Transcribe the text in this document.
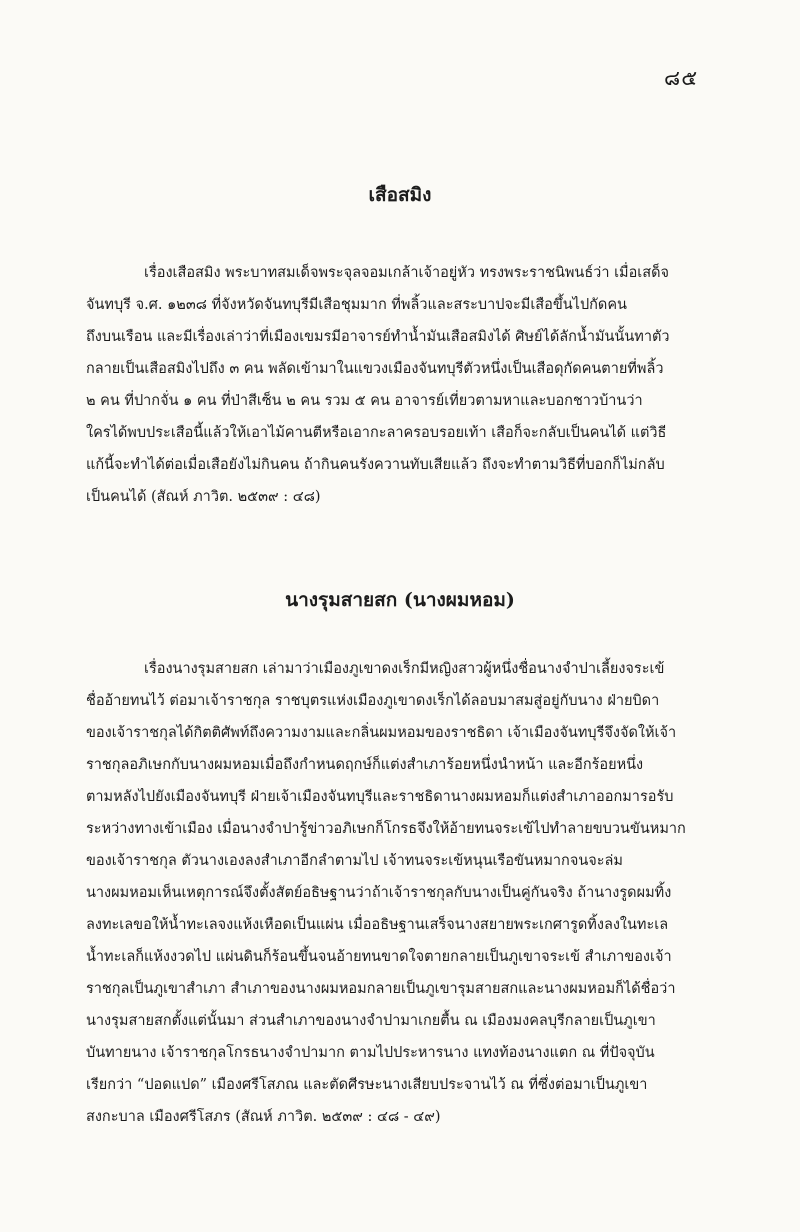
๘๕
เสือสมิง
เรื่องเสือสมิง พระบาทสมเด็จพระจุลจอมเกล้าเจ้าอยู่หัว ทรงพระราชนิพนธ์ว่า เมื่อเสด็จ
จันทบุรี จ.ศ. ๑๒๓๘ ที่จังหวัดจันทบุรีมีเสือชุมมาก ที่พลิ้วและสระบาปจะมีเสือขึ้นไปกัดคน
ถึงบนเรือน และมีเรื่องเล่าว่าที่เมืองเขมรมีอาจารย์ทำน้ำมันเสือสมิงได้ ศิษย์ได้ลักน้ำมันนั้นทาตัว
กลายเป็นเสือสมิงไปถึง ๓ คน พลัดเข้ามาในแขวงเมืองจันทบุรีตัวหนึ่งเป็นเสือดุกัดคนตายที่พลิ้ว
๒ คน ที่ปากจั่น ๑ คน ที่ป่าสีเซ็น ๒ คน รวม ๕ คน อาจารย์เที่ยวตามหาและบอกชาวบ้านว่า
ใครได้พบประเสือนี้แล้วให้เอาไม้คานตีหรือเอากะลาครอบรอยเท้า เสือก็จะกลับเป็นคนได้ แต่วิธี
แก้นี้จะทำได้ต่อเมื่อเสือยังไม่กินคน ถ้ากินคนรังควานทับเสียแล้ว ถึงจะทำตามวิธีที่บอกก็ไม่กลับ
เป็นคนได้ (สัณห์ ภาวิต. ๒๕๓๙ : ๔๘)
นางรุมสายสก (นางผมหอม)
เรื่องนางรุมสายสก เล่ามาว่าเมืองภูเขาดงเร็กมีหญิงสาวผู้หนึ่งชื่อนางจำปาเลี้ยงจระเข้
ชื่ออ้ายทนไว้ ต่อมาเจ้าราชกุล ราชบุตรแห่งเมืองภูเขาดงเร็กได้ลอบมาสมสู่อยู่กับนาง ฝ่ายบิดา
ของเจ้าราชกุลได้กิตติศัพท์ถึงความงามและกลิ่นผมหอมของราชธิดา เจ้าเมืองจันทบุรีจึงจัดให้เจ้า
ราชกุลอภิเษกกับนางผมหอมเมื่อถึงกำหนดฤกษ์ก็แต่งสำเภาร้อยหนึ่งนำหน้า และอีกร้อยหนึ่ง
ตามหลังไปยังเมืองจันทบุรี ฝ่ายเจ้าเมืองจันทบุรีและราชธิดานางผมหอมก็แต่งสำเภาออกมารอรับ
ระหว่างทางเข้าเมือง เมื่อนางจำปารู้ข่าวอภิเษกก็โกรธจึงให้อ้ายทนจระเข้ไปทำลายขบวนขันหมาก
ของเจ้าราชกุล ตัวนางเองลงสำเภาอีกลำตามไป เจ้าทนจระเข้หนุนเรือขันหมากจนจะล่ม
นางผมหอมเห็นเหตุการณ์จึงตั้งสัตย์อธิษฐานว่าถ้าเจ้าราชกุลกับนางเป็นคู่กันจริง ถ้านางรูดผมทิ้ง
ลงทะเลขอให้น้ำทะเลจงแห้งเหือดเป็นแผ่น เมื่ออธิษฐานเสร็จนางสยายพระเกศารูดทิ้งลงในทะเล
น้ำทะเลก็แห้งงวดไป แผ่นดินก็ร้อนขึ้นจนอ้ายทนขาดใจตายกลายเป็นภูเขาจระเข้ สำเภาของเจ้า
ราชกุลเป็นภูเขาสำเภา สำเภาของนางผมหอมกลายเป็นภูเขารุมสายสกและนางผมหอมก็ได้ชื่อว่า
นางรุมสายสกตั้งแต่นั้นมา ส่วนสำเภาของนางจำปามาเกยตื้น ณ เมืองมงคลบุรีกลายเป็นภูเขา
บันทายนาง เจ้าราชกุลโกรธนางจำปามาก ตามไปประหารนาง แทงท้องนางแตก ณ ที่ปัจจุบัน
เรียกว่า “ปอดแปด” เมืองศรีโสภณ และตัดศีรษะนางเสียบประจานไว้ ณ ที่ซึ่งต่อมาเป็นภูเขา
สงกะบาล เมืองศรีโสภร (สัณห์ ภาวิต. ๒๕๓๙ : ๔๘ - ๔๙)
